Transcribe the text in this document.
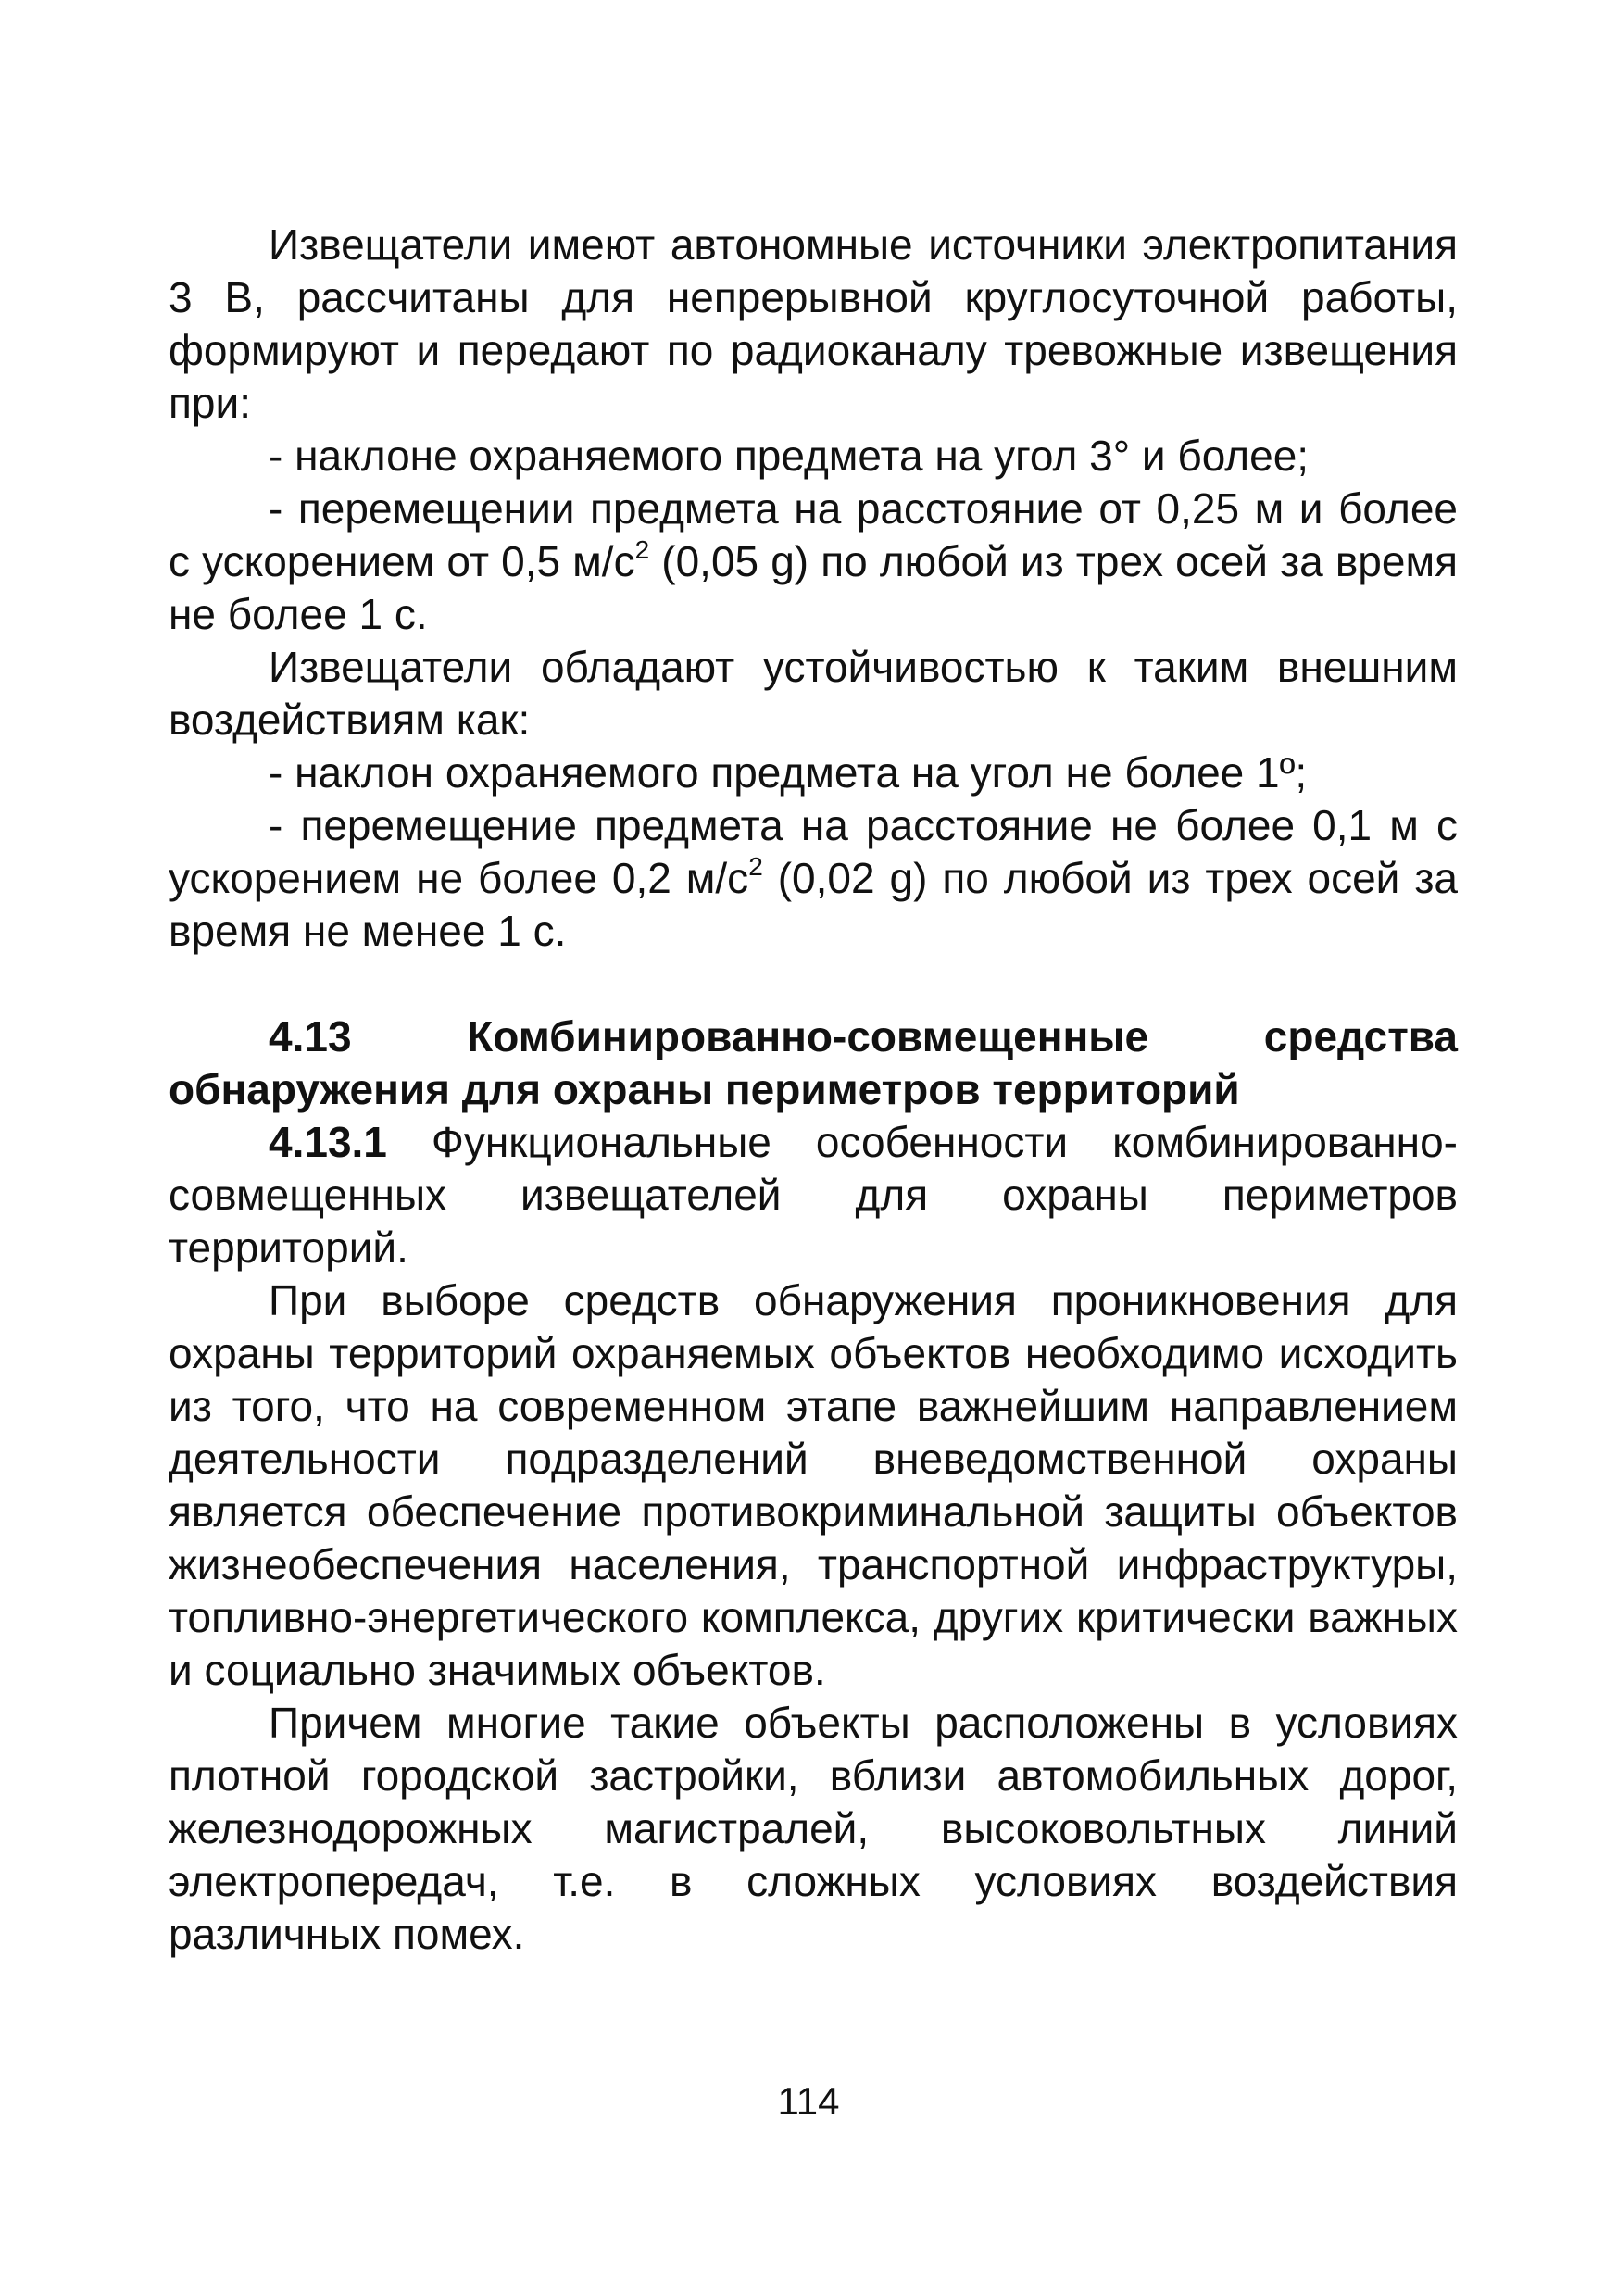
Извещатели имеют автономные источники электропитания 3 В, рассчитаны для непрерывной круглосуточной работы, формируют и передают по радиоканалу тревожные извещения при:

- наклоне охраняемого предмета на угол 3° и более;

- перемещении предмета на расстояние от 0,25 м и более с ускорением от 0,5 $м/с^2$ (0,05 g) по любой из трех осей за время не более 1 с.

Извещатели обладают устойчивостью к таким внешним воздействиям как:

- наклон охраняемого предмета на угол не более 1º;

- перемещение предмета на расстояние не более 0,1 м с ускорением не более 0,2 $м/с^2$ (0,02 g) по любой из трех осей за время не менее 1 с.

4.13 Комбинированно-совмещенные средства обнаружения для охраны периметров территорий

4.13.1 Функциональные особенности комбинированно-совмещенных извещателей для охраны периметров территорий.

При выборе средств обнаружения проникновения для охраны территорий охраняемых объектов необходимо исходить из того, что на современном этапе важнейшим направлением деятельности подразделений вневедомственной охраны является обеспечение противокриминальной защиты объектов жизнеобеспечения населения, транспортной инфраструктуры, топливно-энергетического комплекса, других критически важных и социально значимых объектов.

Причем многие такие объекты расположены в условиях плотной городской застройки, вблизи автомобильных дорог, железнодорожных магистралей, высоковольтных линий электропередач, т.е. в сложных условиях воздействия различных помех.

114
